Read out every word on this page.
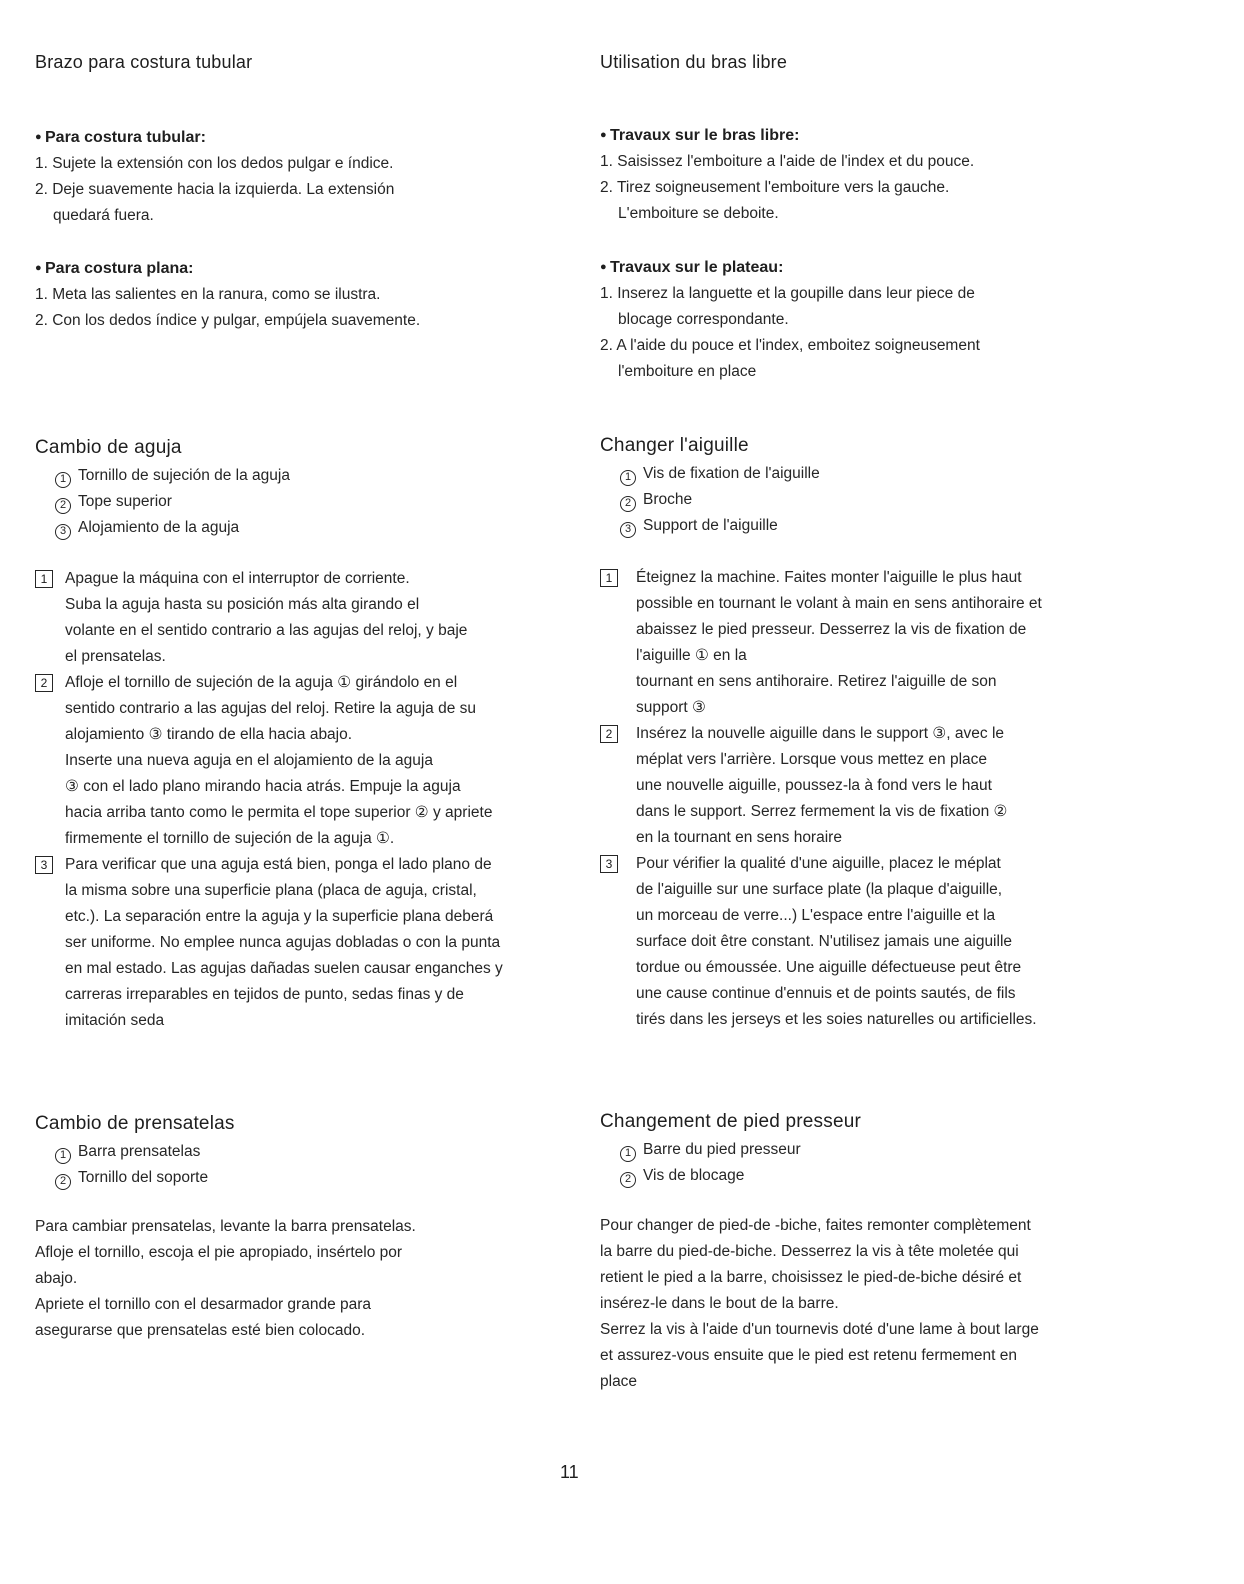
Brazo para costura tubular

● Para costura tubular:

1. Sujete la extensión con los dedos pulgar e índice.

2. Deje suavemente hacia la izquierda. La extensión

quedará fuera.

● Para costura plana:

1. Meta las salientes en la ranura, como se ilustra.

2. Con los dedos índice y pulgar, empújela suavemente.

Cambio de aguja

1 Tornillo de sujeción de la aguja

2 Tope superior

3 Alojamiento de la aguja

1	Apague la máquina con el interruptor de corriente.

Suba la aguja hasta su posición más alta girando el

volante en el sentido contrario a las agujas del reloj, y baje

el prensatelas.

2	Afloje el tornillo de sujeción de la aguja ① girándolo en el

sentido contrario a las agujas del reloj. Retire la aguja de su

alojamiento ③ tirando de ella hacia abajo.

Inserte una nueva aguja en el alojamiento de la aguja

③ con el lado plano mirando hacia atrás. Empuje la aguja

hacia arriba tanto como le permita el tope superior ② y apriete

firmemente el tornillo de sujeción de la aguja ①.

3	Para verificar que una aguja está bien, ponga el lado plano de

la misma sobre una superficie plana (placa de aguja, cristal,

etc.). La separación entre la aguja y la superficie plana deberá

ser uniforme. No emplee nunca agujas dobladas o con la punta

en mal estado. Las agujas dañadas suelen causar enganches y

carreras irreparables en tejidos de punto, sedas finas y de

imitación seda

Cambio de prensatelas

1 Barra prensatelas

2 Tornillo del soporte

Para cambiar prensatelas, levante la barra prensatelas.

Afloje el tornillo, escoja el pie apropiado, insértelo por

abajo.

Apriete el tornillo con el desarmador grande para

asegurarse que prensatelas esté bien colocado.

Utilisation du bras libre

● Travaux sur le bras libre:

1. Saisissez l'emboiture a l'aide de l'index et du pouce.

2. Tirez soigneusement l'emboiture vers la gauche.

L'emboiture se deboite.

● Travaux sur le plateau:

1. Inserez la languette et la goupille dans leur piece de

blocage correspondante.

2. A l'aide du pouce et l'index, emboitez soigneusement

l'emboiture en place

Changer l'aiguille

1 Vis de fixation de l'aiguille

2 Broche

3 Support de l'aiguille

1	Éteignez la machine. Faites monter l'aiguille le plus haut

possible en tournant le volant à main en sens antihoraire et

abaissez le pied presseur. Desserrez la vis de fixation de

l'aiguille ① en la

tournant en sens antihoraire. Retirez l'aiguille de son

support ③

2	Insérez la nouvelle aiguille dans le support ③, avec le

méplat vers l'arrière. Lorsque vous mettez en place

une nouvelle aiguille, poussez-la à fond vers le haut

dans le support. Serrez fermement la vis de fixation ②

en la tournant en sens horaire

3	Pour vérifier la qualité d'une aiguille, placez le méplat

de l'aiguille sur une surface plate (la plaque d'aiguille,

un morceau de verre...) L'espace entre l'aiguille et la

surface doit être constant. N'utilisez jamais une aiguille

tordue ou émoussée. Une aiguille défectueuse peut être

une cause continue d'ennuis et de points sautés, de fils

tirés dans les jerseys et les soies naturelles ou artificielles.

Changement de pied presseur

1 Barre du pied presseur

2 Vis de blocage

Pour changer de pied-de -biche, faites remonter complètement

la barre du pied-de-biche. Desserrez la vis à tête moletée qui

retient le pied a la barre, choisissez le pied-de-biche désiré et

insérez-le dans le bout de la barre.

Serrez la vis à l'aide d'un tournevis doté d'une lame à bout large

et assurez-vous ensuite que le pied est retenu fermement en

place

11
